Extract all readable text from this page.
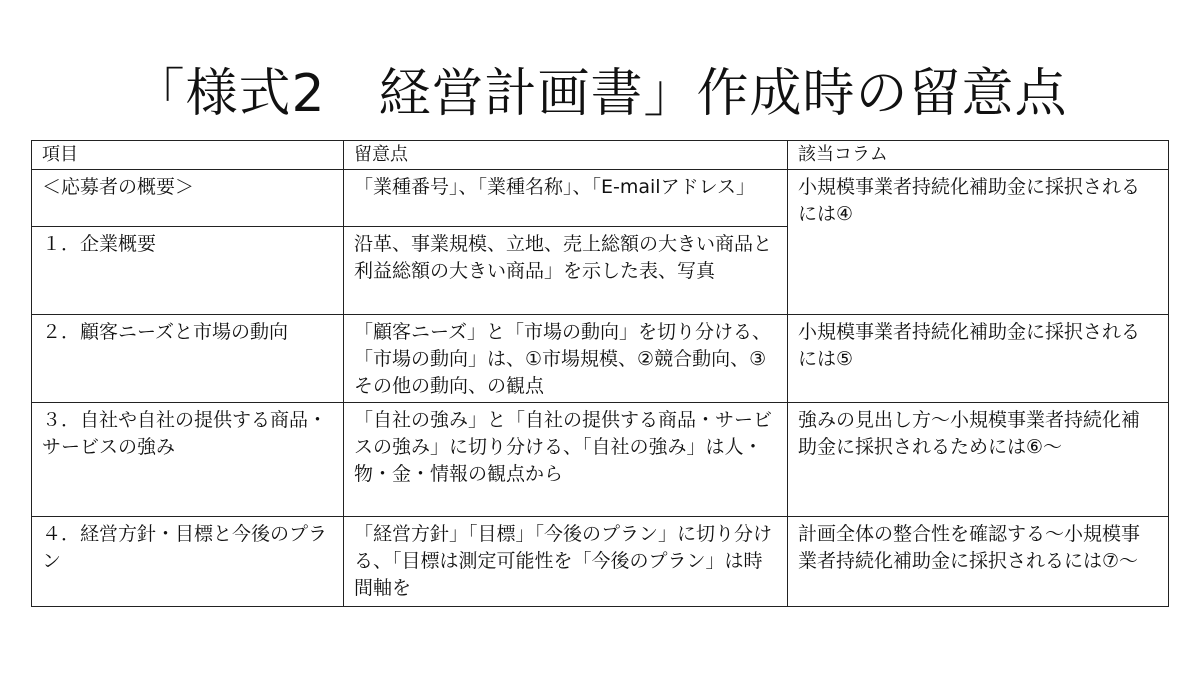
「様式2　経営計画書」作成時の留意点
項目	留意点	該当コラム
＜応募者の概要＞	「業種番号」、「業種名称」、「E-mailアドレス」	小規模事業者持続化補助金に採択されるには④
１．企業概要	沿革、事業規模、立地、売上総額の大きい商品と利益総額の大きい商品」を示した表、写真	
２．顧客ニーズと市場の動向	「顧客ニーズ」と「市場の動向」を切り分ける、「市場の動向」は、①市場規模、②競合動向、③その他の動向、の観点	小規模事業者持続化補助金に採択されるには⑤
３．自社や自社の提供する商品・サービスの強み	「自社の強み」と「自社の提供する商品・サービスの強み」に切り分ける、「自社の強み」は人・物・金・情報の観点から	強みの見出し方～小規模事業者持続化補助金に採択されるためには⑥～
４．経営方針・目標と今後のプラン	「経営方針」「目標」「今後のプラン」に切り分ける、「目標は測定可能性を「今後のプラン」は時間軸を	計画全体の整合性を確認する～小規模事業者持続化補助金に採択されるには⑦～
